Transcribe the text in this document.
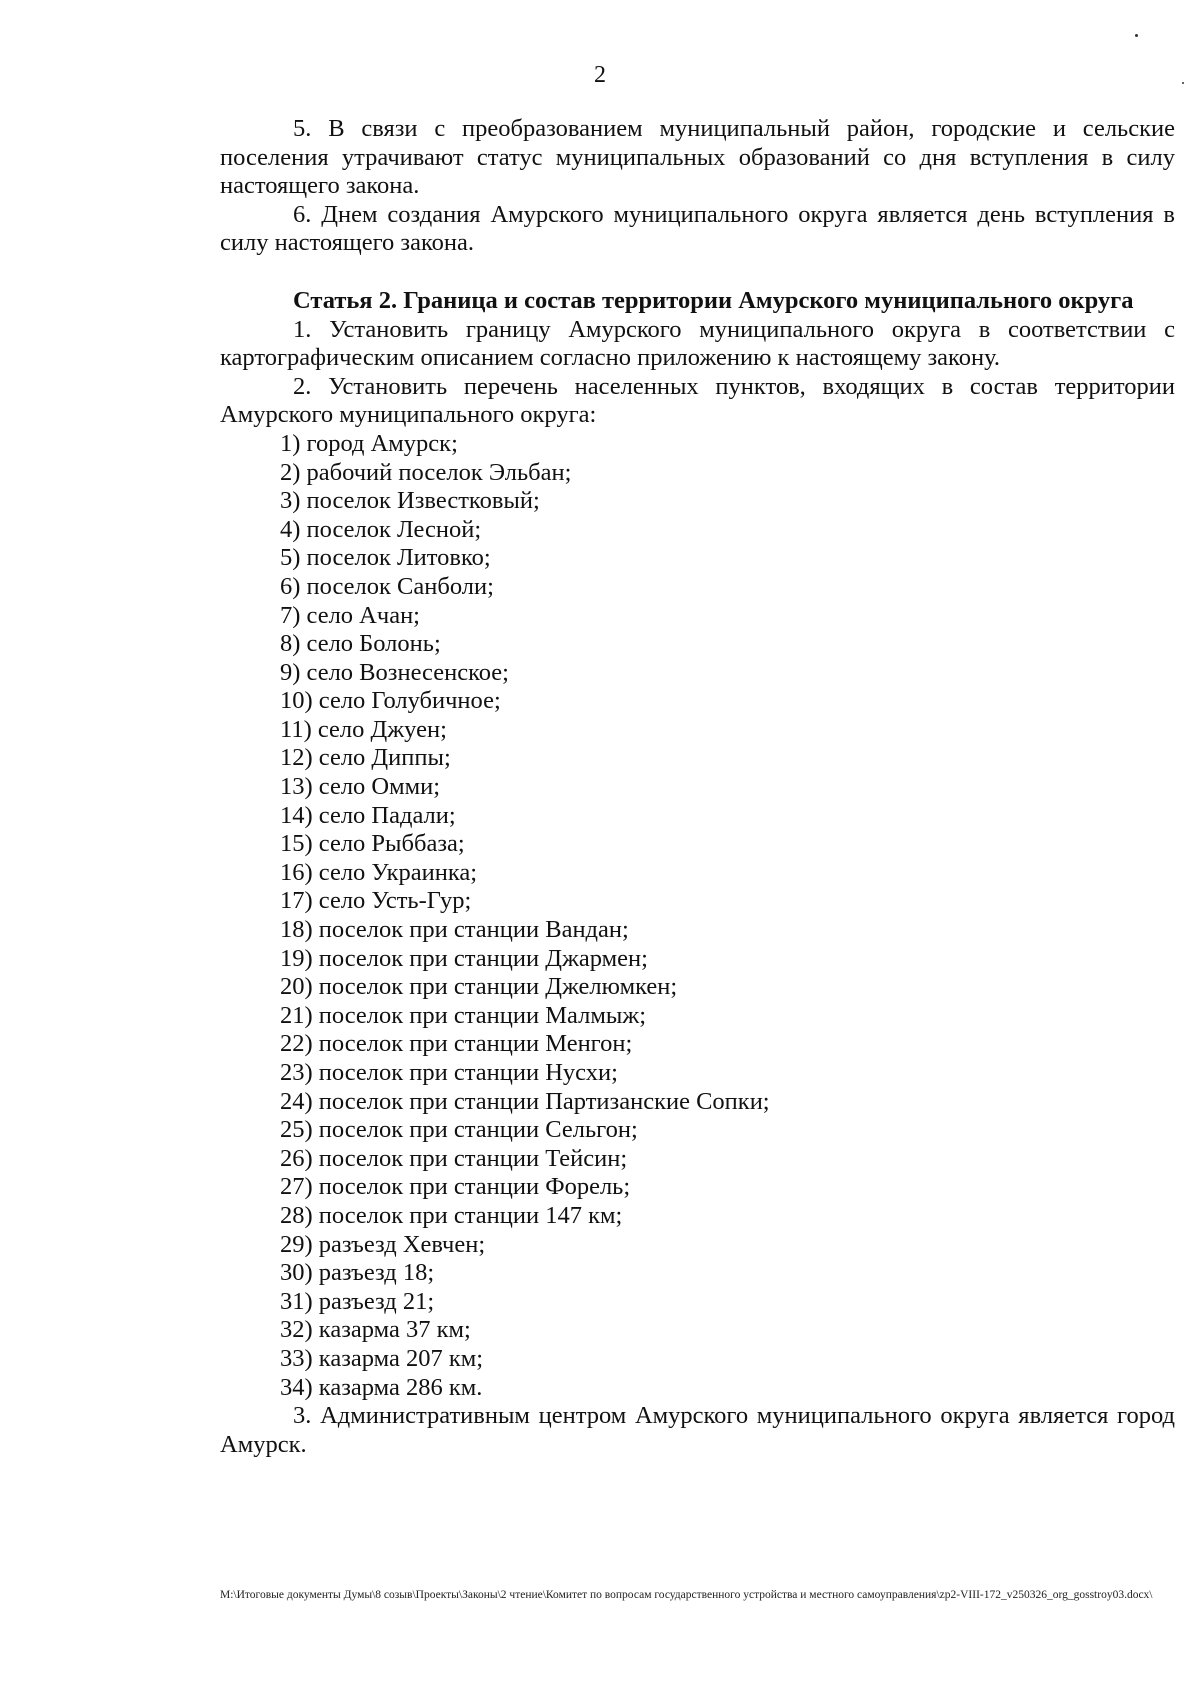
2

5. В связи с преобразованием муниципальный район, городские и сельские поселения утрачивают статус муниципальных образований со дня вступления в силу настоящего закона.

6. Днем создания Амурского муниципального округа является день вступления в силу настоящего закона.

Статья 2. Граница и состав территории Амурского муниципального округа

1. Установить границу Амурского муниципального округа в соответствии с картографическим описанием согласно приложению к настоящему закону.

2. Установить перечень населенных пунктов, входящих в состав территории Амурского муниципального округа:

1) город Амурск;
2) рабочий поселок Эльбан;
3) поселок Известковый;
4) поселок Лесной;
5) поселок Литовко;
6) поселок Санболи;
7) село Ачан;
8) село Болонь;
9) село Вознесенское;
10) село Голубичное;
11) село Джуен;
12) село Диппы;
13) село Омми;
14) село Падали;
15) село Рыббаза;
16) село Украинка;
17) село Усть-Гур;
18) поселок при станции Вандан;
19) поселок при станции Джармен;
20) поселок при станции Джелюмкен;
21) поселок при станции Малмыж;
22) поселок при станции Менгон;
23) поселок при станции Нусхи;
24) поселок при станции Партизанские Сопки;
25) поселок при станции Сельгон;
26) поселок при станции Тейсин;
27) поселок при станции Форель;
28) поселок при станции 147 км;
29) разъезд Хевчен;
30) разъезд 18;
31) разъезд 21;
32) казарма 37 км;
33) казарма 207 км;
34) казарма 286 км.

3. Административным центром Амурского муниципального округа является город Амурск.

M:\Итоговые документы Думы\8 созыв\Проекты\Законы\2 чтение\Комитет по вопросам государственного устройства и местного самоуправления\zp2-VIII-172_v250326_org_gosstroy03.docx\
